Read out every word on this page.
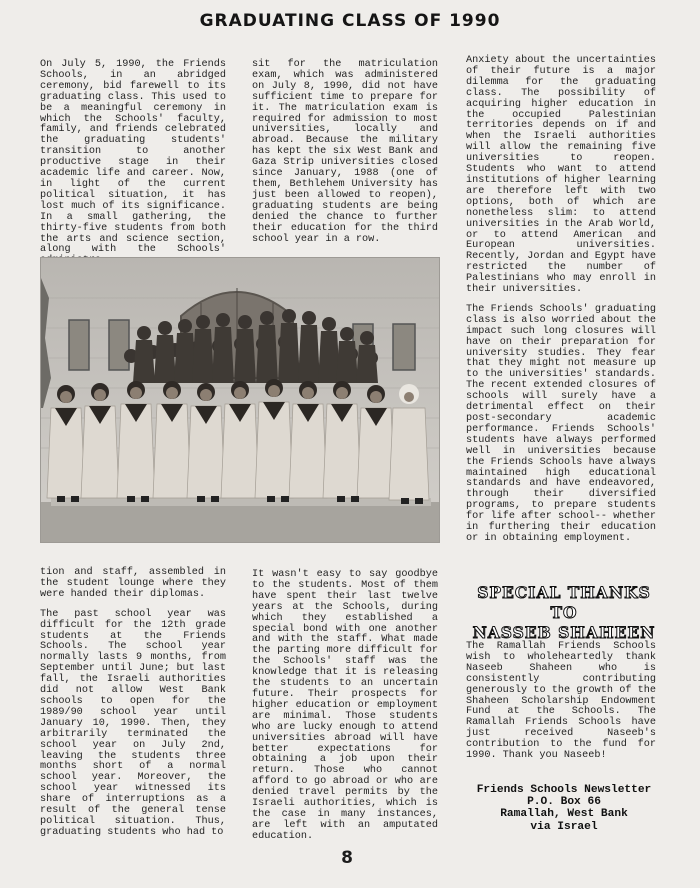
GRADUATING CLASS OF 1990

On July 5, 1990, the Friends Schools, in an abridged ceremony, bid farewell to its graduating class. This used to be a meaningful ceremony in which the Schools' faculty, family, and friends celebrated the graduating students' transition to another productive stage in their academic life and career. Now, in light of the current political situation, it has lost much of its significance. In a small gathering, the thirty-five students from both the arts and science section, along with the Schools'

sit for the matriculation exam, which was administered on July 8, 1990, did not have sufficient time to prepare for it. The matriculation exam is required for admission to most universities, locally and abroad. Because the military has kept the six West Bank and Gaza Strip universities closed since January, 1988 (one of them, Bethlehem University has just been allowed to reopen), graduating students are being denied the chance to further their education for the third school year in a row.

Anxiety about the uncertainties of their future is a major dilemma for the graduating class. The possibility of acquiring higher education in the occupied Palestinian territories depends on if and when the Israeli authorities will allow the remaining five universities to reopen. Students who want to attend institutions of higher learning are therefore left with two options, both of which are nonetheless slim: to attend universities in the Arab World, or to attend American and European universities. Recently, Jordan and Egypt have restricted the number of Palestinians who may enroll in their universities.

The Friends Schools' graduating class is also worried about the impact such long closures will have on their preparation for university studies. They fear that they might not measure up to the universities' standards. The recent extended closures of schools will surely have a detrimental effect on their post-secondary academic performance. Friends Schools' students have always performed well in universities because the Friends Schools have always maintained high educational standards and have endeavored, through their diversified programs, to prepare students for life after school-- whether in furthering their education or in obtaining employment.

tion and staff, assembled in the student lounge where they were handed their diplomas.

The past school year was difficult for the 12th grade students at the Friends Schools. The school year normally lasts 9 months, from September until June; but last fall, the Israeli authorities did not allow West Bank schools to open for the 1989/90 school year until January 10, 1990. Then, they arbitrarily terminated the school year on July 2nd, leaving the students three months short of a normal school year. Moreover, the school year witnessed its share of interruptions as a result of the general tense political situation. Thus, graduating students who had to

It wasn't easy to say goodbye to the students. Most of them have spent their last twelve years at the Schools, during which they established a special bond with one another and with the staff. What made the parting more difficult for the Schools' staff was the knowledge that it is releasing the students to an uncertain future. Their prospects for higher education or employment are minimal. Those students who are lucky enough to attend universities abroad will have better expectations for obtaining a job upon their return. Those who cannot afford to go abroad or who are denied travel permits by the Israeli authorities, which is the case in many instances, are left with an amputated education.

SPECIAL THANKS TO
NASSEB SHAHEEN

The Ramallah Friends Schools wish to wholeheartedly thank Naseeb Shaheen who is consistently contributing generously to the growth of the Shaheen Scholarship Endowment Fund at the Schools. The Ramallah Friends Schools have just received Naseeb's contribution to the fund for 1990. Thank you Naseeb!

Friends Schools Newsletter
P.O. Box 66
Ramallah, West Bank
via Israel
8
